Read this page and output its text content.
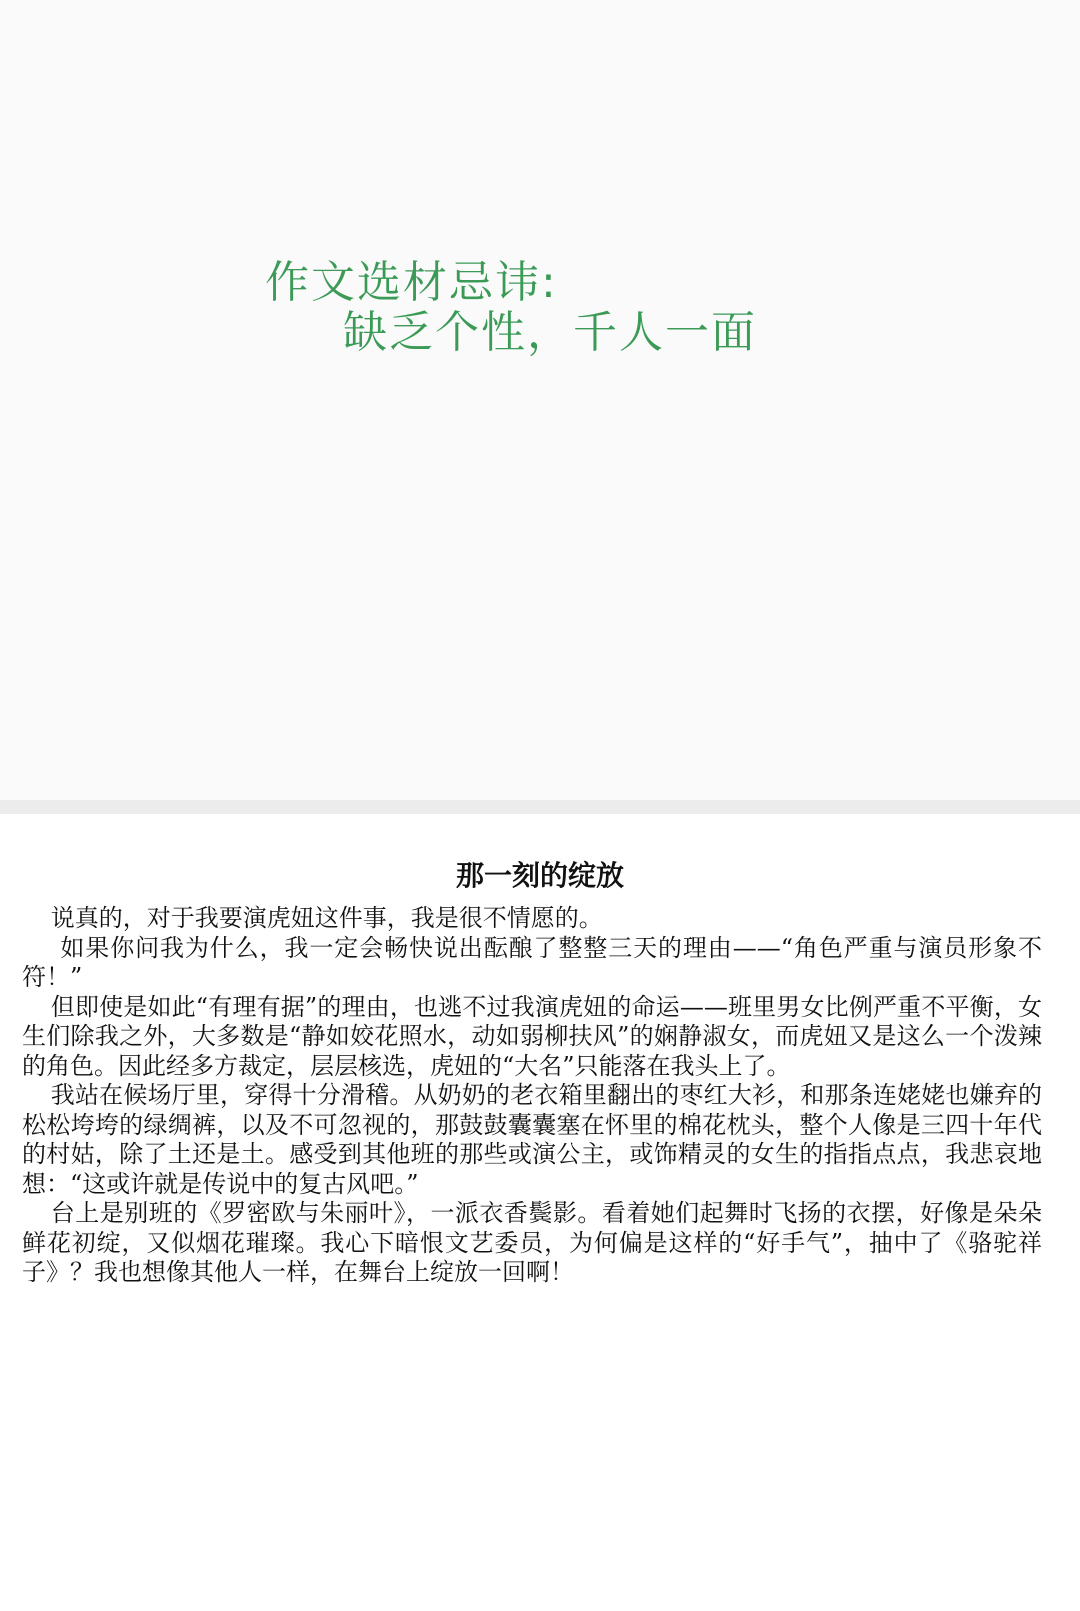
作文选材忌讳:
缺乏个性，千人一面
那一刻的绽放

说真的，对于我要演虎妞这件事，我是很不情愿的。

如果你问我为什么，我一定会畅快说出酝酿了整整三天的理由——“角色严重与演员形象不符！”

但即使是如此“有理有据”的理由，也逃不过我演虎妞的命运——班里男女比例严重不平衡，女生们除我之外，大多数是“静如姣花照水，动如弱柳扶风”的娴静淑女，而虎妞又是这么一个泼辣的角色。因此经多方裁定，层层核选，虎妞的“大名”只能落在我头上了。

我站在候场厅里，穿得十分滑稽。从奶奶的老衣箱里翻出的枣红大衫，和那条连姥姥也嫌弃的松松垮垮的绿绸裤，以及不可忽视的，那鼓鼓囊囊塞在怀里的棉花枕头，整个人像是三四十年代的村姑，除了土还是土。感受到其他班的那些或演公主，或饰精灵的女生的指指点点，我悲哀地想：“这或许就是传说中的复古风吧。”

台上是别班的《罗密欧与朱丽叶》，一派衣香鬓影。看着她们起舞时飞扬的衣摆，好像是朵朵鲜花初绽，又似烟花璀璨。我心下暗恨文艺委员，为何偏是这样的“好手气”，抽中了《骆驼祥子》？我也想像其他人一样，在舞台上绽放一回啊！
